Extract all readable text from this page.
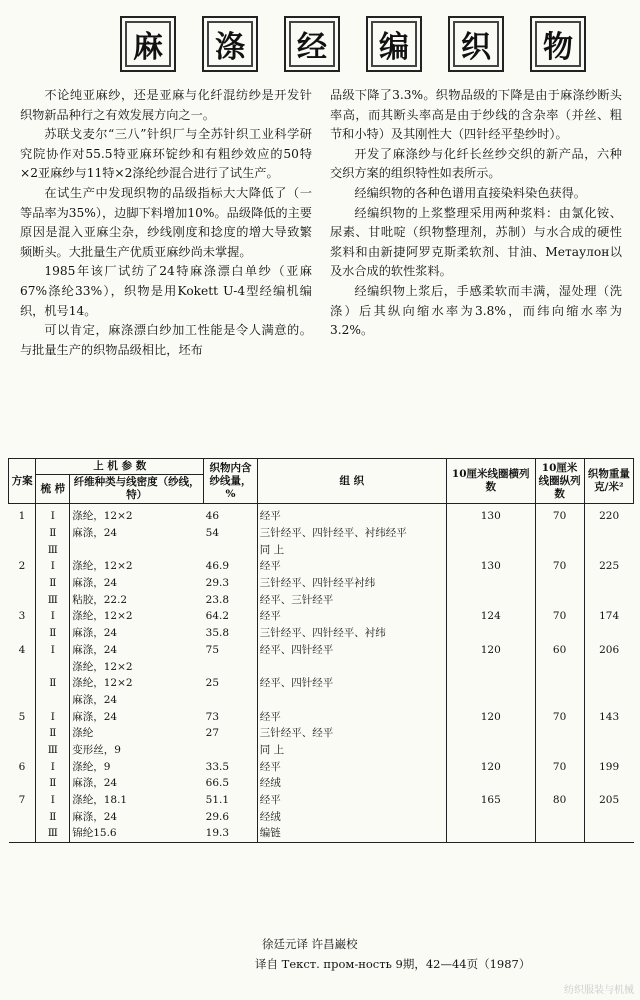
麻	涤	经	编	织	物

不论纯亚麻纱，还是亚麻与化纤混纺纱是开发针织物新品种行之有效发展方向之一。

苏联戈麦尔“三八”针织厂与全苏针织工业科学研究院协作对55.5特亚麻环锭纱和有粗纱效应的50特×2亚麻纱与11特×2涤纶纱混合进行了试生产。

在试生产中发现织物的品级指标大大降低了（一等品率为35%），边脚下料增加10%。品级降低的主要原因是混入亚麻尘杂，纱线刚度和捻度的增大导致繁频断头。大批量生产优质亚麻纱尚未掌握。

1985年该厂试纺了24特麻涤漂白单纱（亚麻67%涤纶33%），织物是用Kokett U-4型经编机编织，机号14。

可以肯定，麻涤漂白纱加工性能是令人满意的。与批量生产的织物品级相比，坯布

品级下降了3.3%。织物品级的下降是由于麻涤纱断头率高，而其断头率高是由于纱线的含杂率（并丝、粗节和小特）及其刚性大（四针经平垫纱时）。

开发了麻涤纱与化纤长丝纱交织的新产品，六种交织方案的组织特性如表所示。

经编织物的各种色谱用直接染料染色获得。

经编织物的上浆整理采用两种浆料：由氯化铵、尿素、甘吡啶（织物整理剂，苏制）与水合成的硬性浆料和由新捷阿罗克斯柔软剂、甘油、Метаулон以及水合成的软性浆料。

经编织物上浆后，手感柔软而丰满，湿处理（洗涤）后其纵向缩水率为3.8%，而纬向缩水率为3.2%。

方案	上 机 参 数		织物内含纱线量，%	组 织	10厘米线圈横列数	10厘米线圈纵列数	织物重量克/米²
	梳 栉	纤维种类与线密度（纱线，特）					
1	Ⅰ	涤纶，12×2	46	经平	130	70	220
	Ⅱ	麻涤，24	54	三针经平、四针经平、衬纬经平			
	Ⅲ			同 上			
2	Ⅰ	涤纶，12×2	46.9	经平	130	70	225
	Ⅱ	麻涤，24	29.3	三针经平、四针经平衬纬			
	Ⅲ	粘胶，22.2	23.8	经平、三针经平			
3	Ⅰ	涤纶，12×2	64.2	经平	124	70	174
	Ⅱ	麻涤，24	35.8	三针经平、四针经平、衬纬			
4	Ⅰ	麻涤，24	75	经平、四针经平	120	60	206
		涤纶，12×2					
	Ⅱ	涤纶，12×2	25	经平、四针经平			
		麻涤，24					
5	Ⅰ	麻涤，24	73	经平	120	70	143
	Ⅱ	涤纶	27	三针经平、经平			
	Ⅲ	变形丝，9		同 上			
6	Ⅰ	涤纶，9	33.5	经平	120	70	199
	Ⅱ	麻涤，24	66.5	经绒			
7	Ⅰ	涤纶，18.1	51.1	经平	165	80	205
	Ⅱ	麻涤，24	29.6	经绒			
	Ⅲ	锦纶15.6	19.3	编链			
徐廷元译 许昌巌校
译自 Текст. пром-ность 9期，42—44页（1987）
纺织服装与机械
